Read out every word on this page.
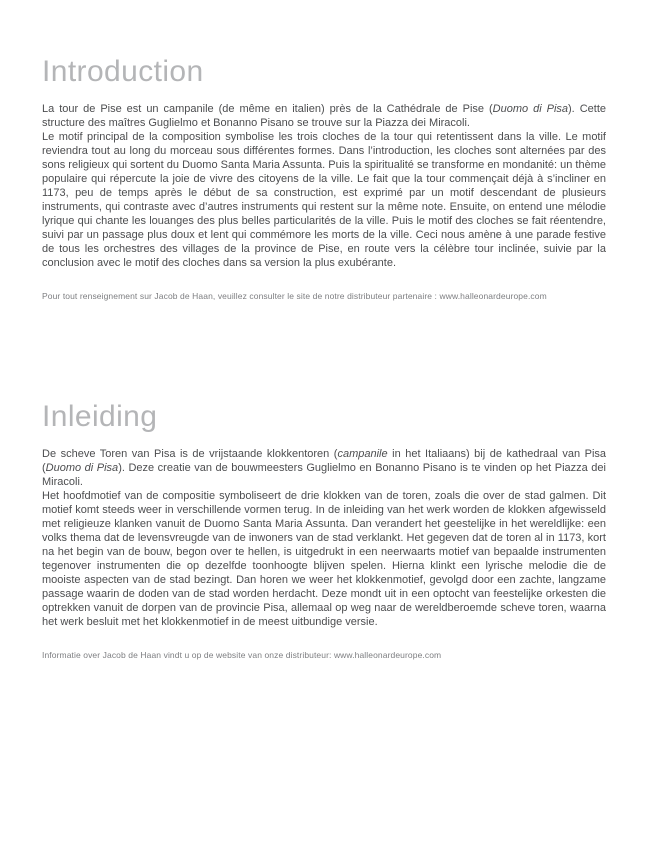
Introduction

La tour de Pise est un campanile (de même en italien) près de la Cathédrale de Pise (Duomo di Pisa). Cette structure des maîtres Guglielmo et Bonanno Pisano se trouve sur la Piazza dei Miracoli.

Le motif principal de la composition symbolise les trois cloches de la tour qui retentissent dans la ville. Le motif reviendra tout au long du morceau sous différentes formes. Dans l’introduction, les cloches sont alternées par des sons religieux qui sortent du Duomo Santa Maria Assunta. Puis la spiritualité se transforme en mondanité: un thème populaire qui répercute la joie de vivre des citoyens de la ville. Le fait que la tour commençait déjà à s’incliner en 1173, peu de temps après le début de sa construction, est exprimé par un motif descendant de plusieurs instruments, qui contraste avec d’autres instruments qui restent sur la même note. Ensuite, on entend une mélodie lyrique qui chante les louanges des plus belles particularités de la ville. Puis le motif des cloches se fait réentendre, suivi par un passage plus doux et lent qui commémore les morts de la ville. Ceci nous amène à une parade festive de tous les orchestres des villages de la province de Pise, en route vers la célèbre tour inclinée, suivie par la conclusion avec le motif des cloches dans sa version la plus exubérante.

Pour tout renseignement sur Jacob de Haan, veuillez consulter le site de notre distributeur partenaire : www.halleonardeurope.com

Inleiding

De scheve Toren van Pisa is de vrijstaande klokkentoren (campanile in het Italiaans) bij de kathedraal van Pisa (Duomo di Pisa). Deze creatie van de bouwmeesters Guglielmo en Bonanno Pisano is te vinden op het Piazza dei Miracoli.

Het hoofdmotief van de compositie symboliseert de drie klokken van de toren, zoals die over de stad galmen. Dit motief komt steeds weer in verschillende vormen terug. In de inleiding van het werk worden de klokken afgewisseld met religieuze klanken vanuit de Duomo Santa Maria Assunta. Dan verandert het geestelijke in het wereldlijke: een volks thema dat de levensvreugde van de inwoners van de stad verklankt. Het gegeven dat de toren al in 1173, kort na het begin van de bouw, begon over te hellen, is uitgedrukt in een neerwaarts motief van bepaalde instrumenten tegenover instrumenten die op dezelfde toonhoogte blijven spelen. Hierna klinkt een lyrische melodie die de mooiste aspecten van de stad bezingt. Dan horen we weer het klokkenmotief, gevolgd door een zachte, langzame passage waarin de doden van de stad worden herdacht. Deze mondt uit in een optocht van feestelijke orkesten die optrekken vanuit de dorpen van de provincie Pisa, allemaal op weg naar de wereldberoemde scheve toren, waarna het werk besluit met het klokkenmotief in de meest uitbundige versie.

Informatie over Jacob de Haan vindt u op de website van onze distributeur: www.halleonardeurope.com
